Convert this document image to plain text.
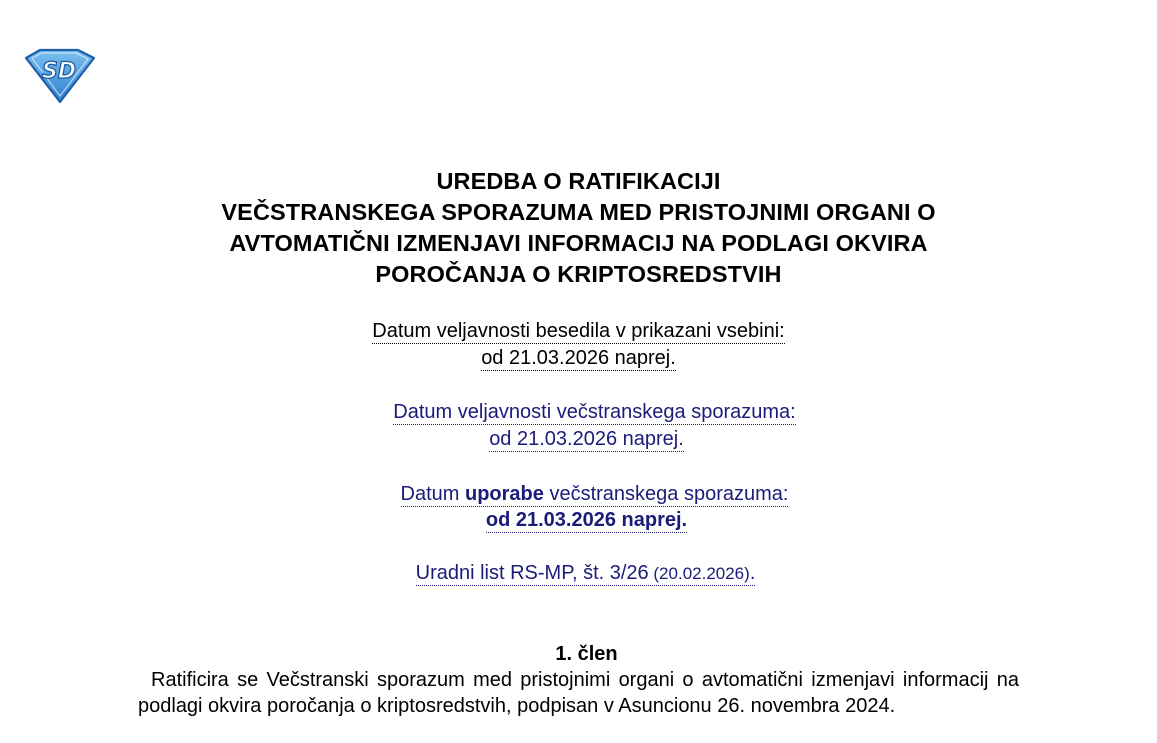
SD
UREDBA O RATIFIKACIJI
VEČSTRANSKEGA SPORAZUMA MED PRISTOJNIMI ORGANI O
AVTOMATIČNI IZMENJAVI INFORMACIJ NA PODLAGI OKVIRA
POROČANJA O KRIPTOSREDSTVIH
Datum veljavnosti besedila v prikazani vsebini:
od 21.03.2026 naprej.
Datum veljavnosti večstranskega sporazuma:
od 21.03.2026 naprej.
Datum uporabe večstranskega sporazuma:
od 21.03.2026 naprej.
Uradni list RS-MP, št. 3/26 (20.02.2026).
1. člen
Ratificira se Večstranski sporazum med pristojnimi organi o avtomatični izmenjavi informacij na podlagi okvira poročanja o kriptosredstvih, podpisan v Asuncionu 26. novembra 2024.
